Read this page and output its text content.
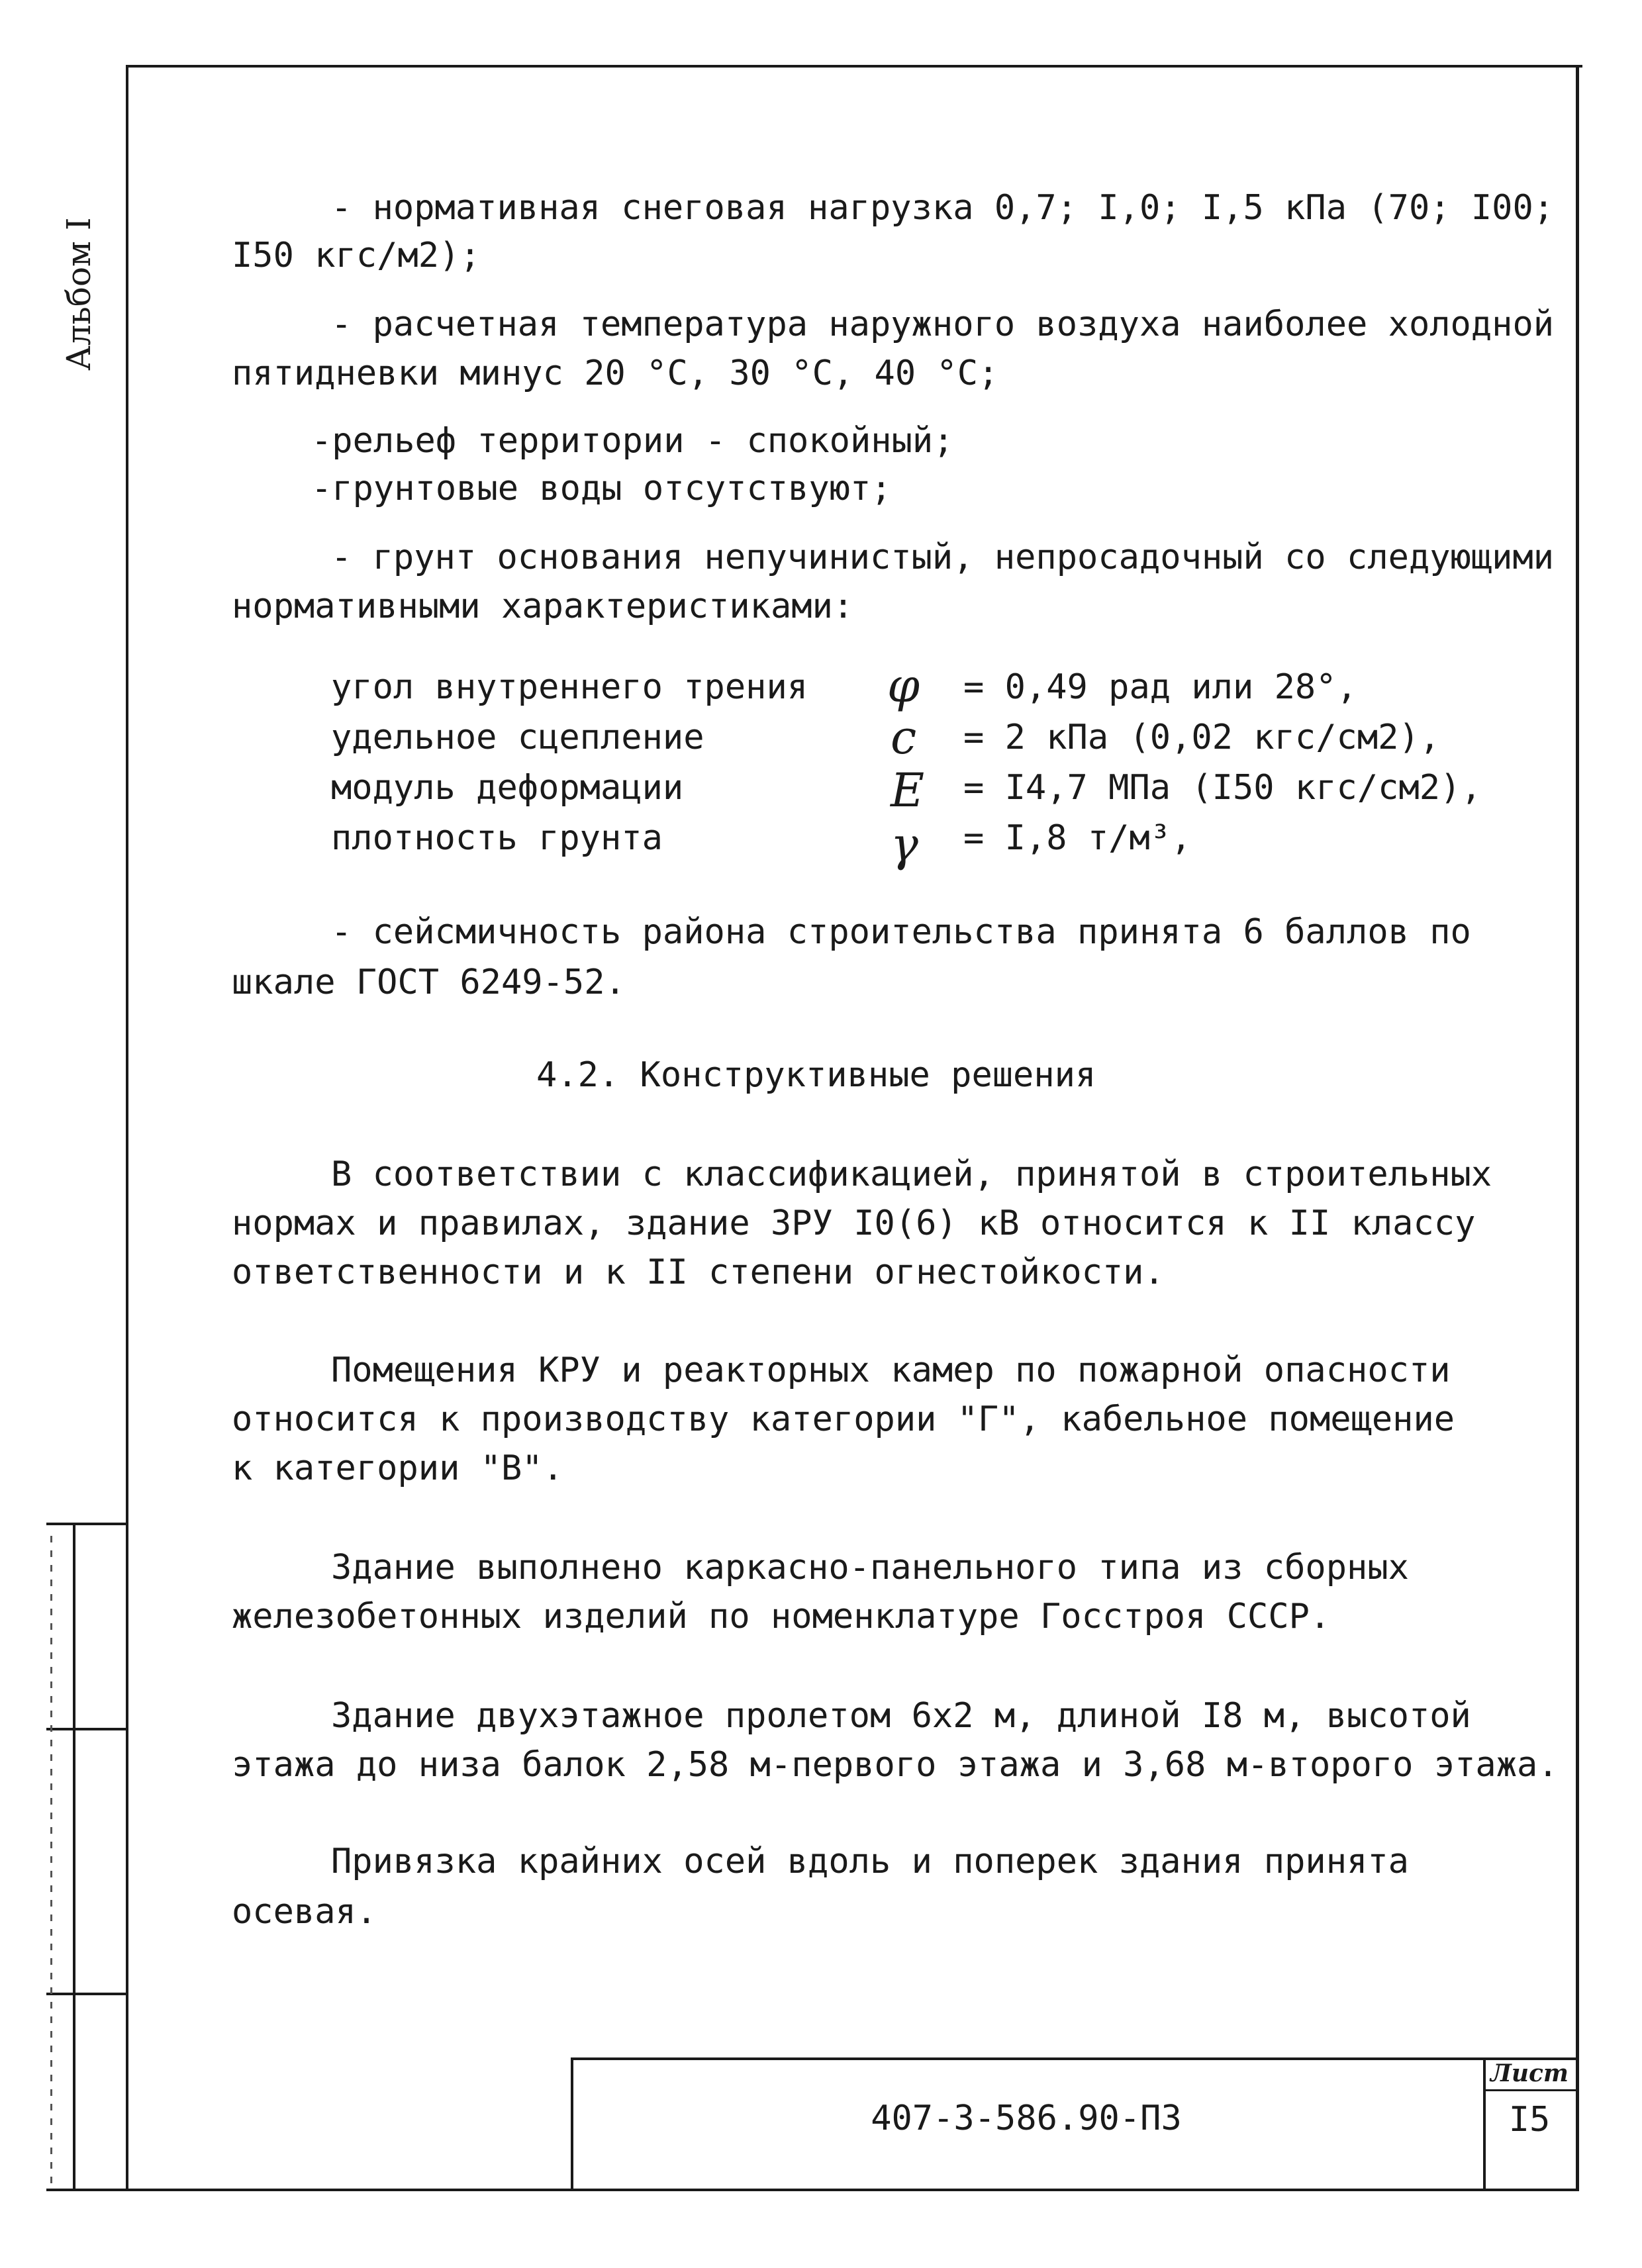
Альбом I
- нормативная снеговая нагрузка 0,7; I,0; I,5 кПа (70; I00;
I50 кгс/м2);
- расчетная температура наружного воздуха наиболее холодной
пятидневки минус 20 °С, 30 °С, 40 °С;
-рельеф территории - спокойный;
-грунтовые воды отсутствуют;
- грунт основания непучинистый, непросадочный со следующими
нормативными характеристиками:
угол внутреннего трения φ = 0,49 рад или 28°,
удельное сцепление	c = 2 кПа (0,02 кгс/см2),
модуль деформации	E = I4,7 МПа (I50 кгс/см2),
плотность грунта	γ = I,8 т/м³,
- сейсмичность района строительства принята 6 баллов по
шкале ГОСТ 6249-52.
4.2. Конструктивные решения
В соответствии с классификацией, принятой в строительных
нормах и правилах, здание ЗРУ I0(6) кВ относится к II классу
ответственности и к II степени огнестойкости.
Помещения КРУ и реакторных камер по пожарной опасности
относится к производству категории "Г", кабельное помещение
к категории "В".
Здание выполнено каркасно-панельного типа из сборных
железобетонных изделий по номенклатуре Госстроя СССР.
Здание двухэтажное пролетом 6x2 м, длиной I8 м, высотой
этажа до низа балок 2,58 м-первого этажа и 3,68 м-второго этажа.
Привязка крайних осей вдоль и поперек здания принята
осевая.
407-3-586.90-ПЗ
Лист
I5
